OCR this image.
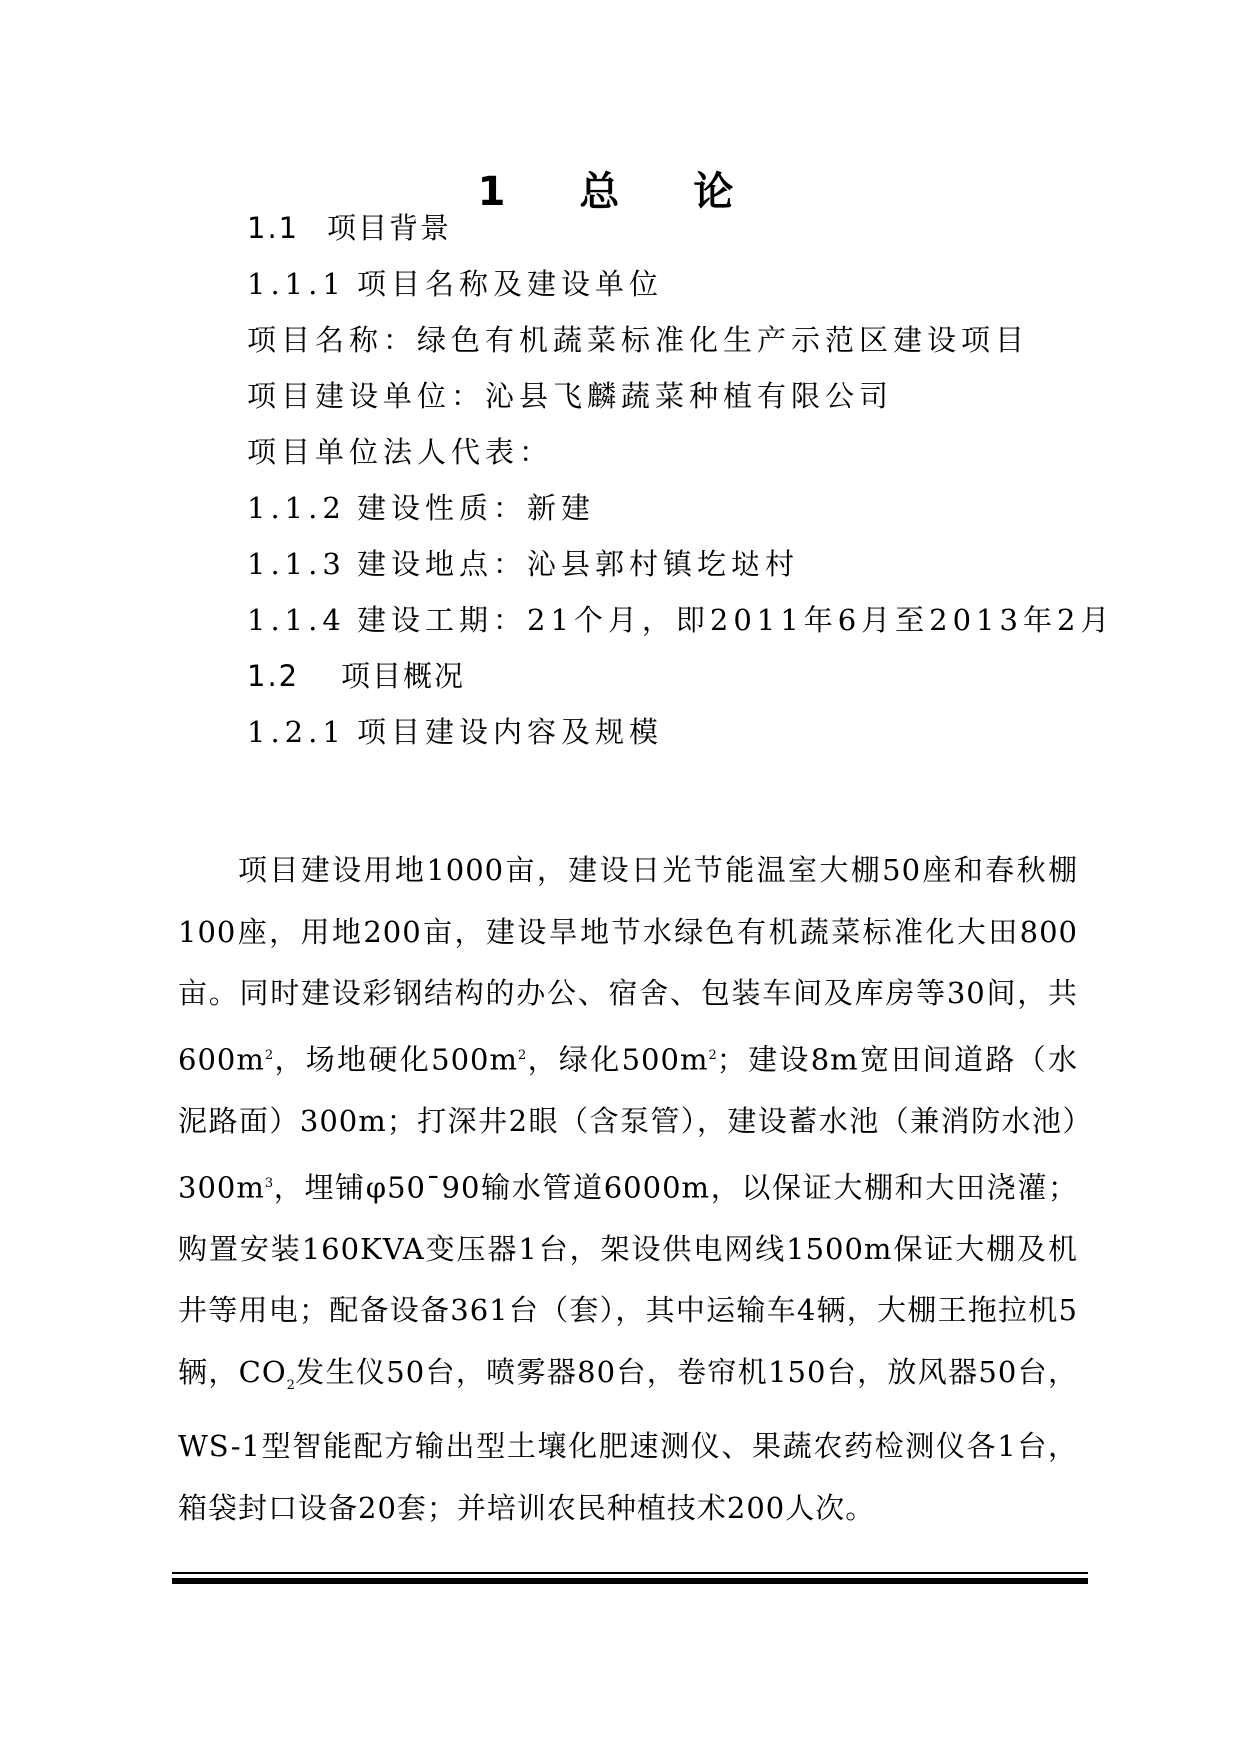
1 总 论
1.1 项目背景
1.1.1 项目名称及建设单位
项目名称：绿色有机蔬菜标准化生产示范区建设项目
项目建设单位：沁县飞麟蔬菜种植有限公司
项目单位法人代表：
1.1.2 建设性质：新建
1.1.3 建设地点：沁县郭村镇圪垯村
1.1.4 建设工期：21个月，即2011年6月至2013年2月
1.2 项目概况
1.2.1 项目建设内容及规模
项目建设用地1000亩，建设日光节能温室大棚50座和春秋棚100座，用地200亩，建设旱地节水绿色有机蔬菜标准化大田800亩。同时建设彩钢结构的办公、宿舍、包装车间及库房等30间，共$600m^2$，场地硬化$500m^2$，绿化$500m^2$；建设8m宽田间道路（水泥路面）300m；打深井2眼（含泵管），建设蓄水池（兼消防水池）$300m^3$，埋铺φ50¯90输水管道6000m，以保证大棚和大田浇灌；购置安装160KVA变压器1台，架设供电网线1500m保证大棚及机井等用电；配备设备361台（套），其中运输车4辆，大棚王拖拉机5辆，$CO_2$发生仪50台，喷雾器80台，卷帘机150台，放风器50台，WS-1型智能配方输出型土壤化肥速测仪、果蔬农药检测仪各1台，箱袋封口设备20套；并培训农民种植技术200人次。
